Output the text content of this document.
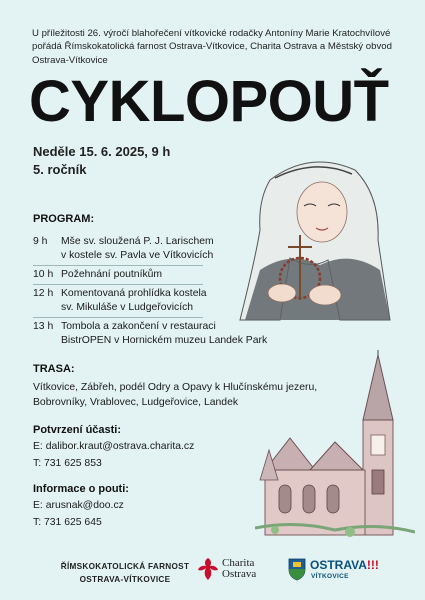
U příležitosti 26. výročí blahořečení vítkovické rodačky Antoníny Marie Kratochvílové pořádá Římskokatolická farnost Ostrava-Vítkovice, Charita Ostrava a Městský obvod Ostrava-Vítkovice
CYKLOPOUŤ
Neděle 15. 6. 2025, 9 h
5. ročník
PROGRAM:
9 h	Mše sv. sloužená P. J. Larischem
v kostele sv. Pavla ve Vítkovicích
10 h Požehnání poutníkům
12 h Komentovaná prohlídka kostela
sv. Mikuláše v Ludgeřovicích
13 h Tombola a zakončení v restauraci
BistrOPEN v Hornickém muzeu Landek Park
TRASA:
Vítkovice, Zábřeh, podél Odry a Opavy k Hlučínskému jezeru, Bobrovníky, Vrablovec, Ludgeřovice, Landek
Potvrzení účasti:
E: dalibor.kraut@ostrava.charita.cz
T: 731 625 853
Informace o pouti:
E: arusnak@doo.cz
T: 731 625 645
ŘÍMSKOKATOLICKÁ FARNOST
OSTRAVA-VÍTKOVICE
Charita
Ostrava
OSTRAVA!!!
VÍTKOVICE
